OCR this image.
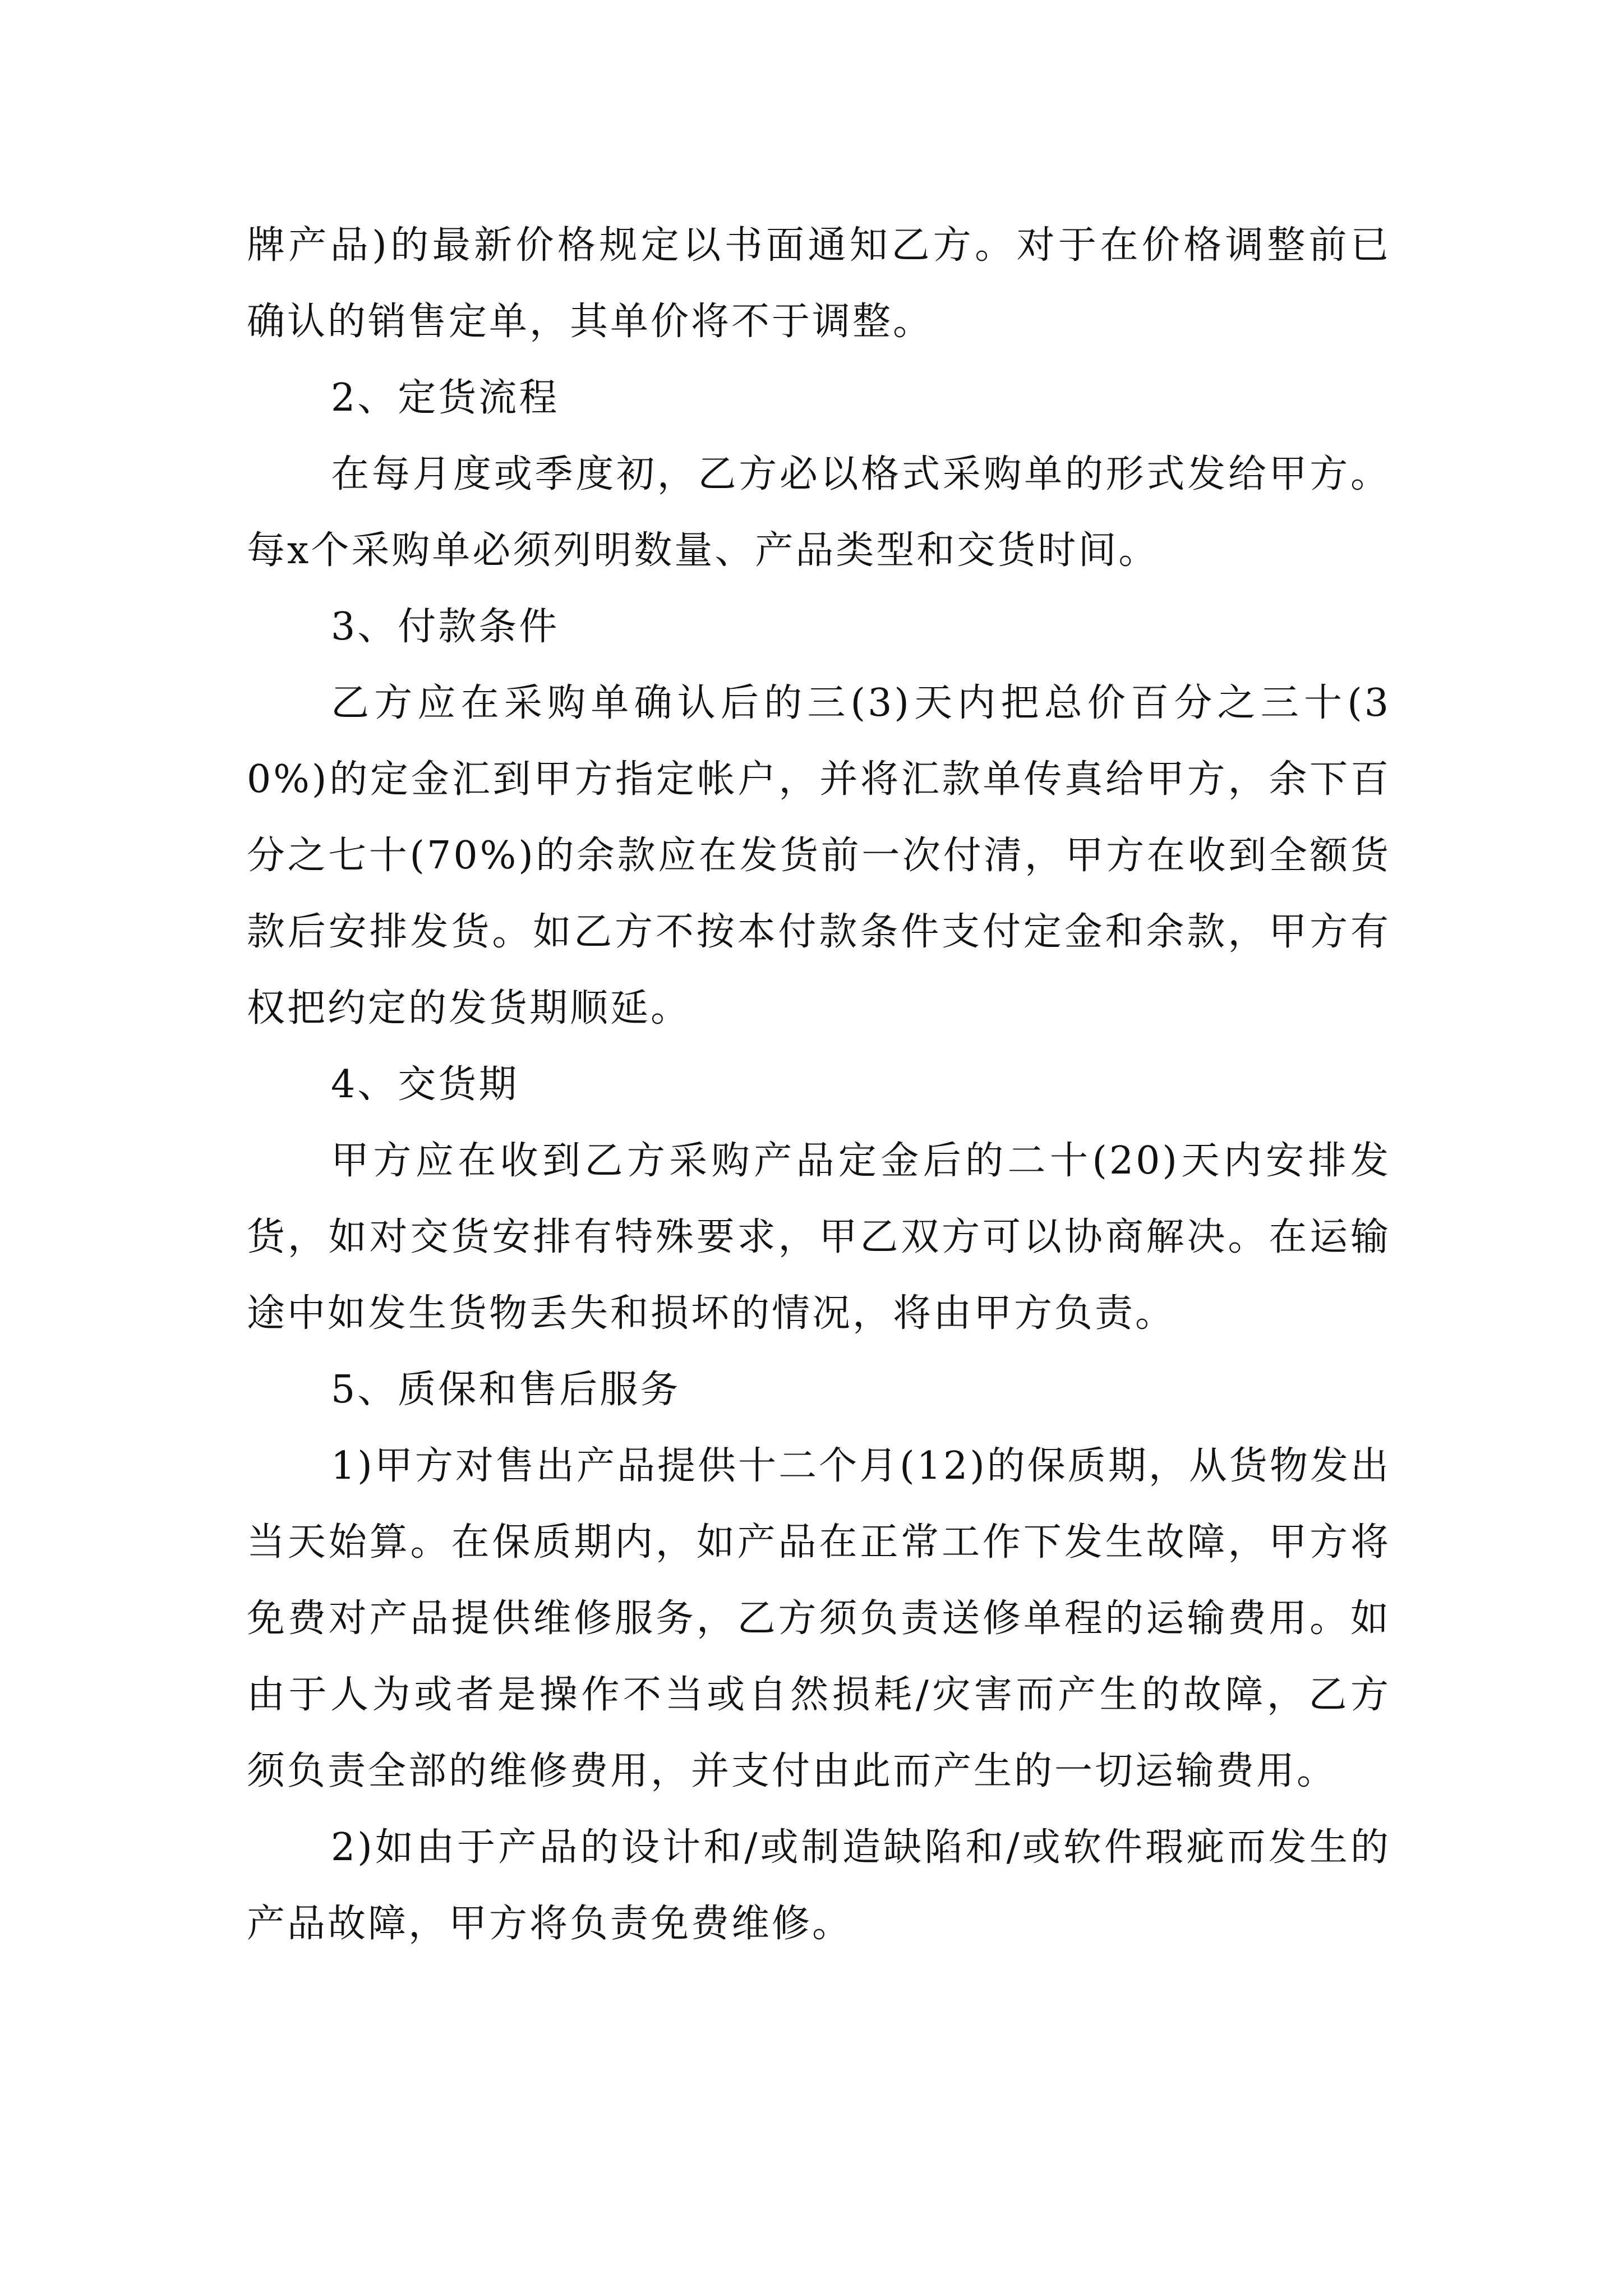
牌产品)的最新价格规定以书面通知乙方。对于在价格调整前已确认的销售定单，其单价将不于调整。

2、定货流程

在每月度或季度初，乙方必以格式采购单的形式发给甲方。每x个采购单必须列明数量、产品类型和交货时间。

3、付款条件

乙方应在采购单确认后的三(3)天内把总价百分之三十(30%)的定金汇到甲方指定帐户，并将汇款单传真给甲方，余下百分之七十(70%)的余款应在发货前一次付清，甲方在收到全额货款后安排发货。如乙方不按本付款条件支付定金和余款，甲方有权把约定的发货期顺延。

4、交货期

甲方应在收到乙方采购产品定金后的二十(20)天内安排发货，如对交货安排有特殊要求，甲乙双方可以协商解决。在运输途中如发生货物丢失和损坏的情况，将由甲方负责。

5、质保和售后服务

1)甲方对售出产品提供十二个月(12)的保质期，从货物发出当天始算。在保质期内，如产品在正常工作下发生故障，甲方将免费对产品提供维修服务，乙方须负责送修单程的运输费用。如由于人为或者是操作不当或自然损耗/灾害而产生的故障，乙方须负责全部的维修费用，并支付由此而产生的一切运输费用。

2)如由于产品的设计和/或制造缺陷和/或软件瑕疵而发生的产品故障，甲方将负责免费维修。
